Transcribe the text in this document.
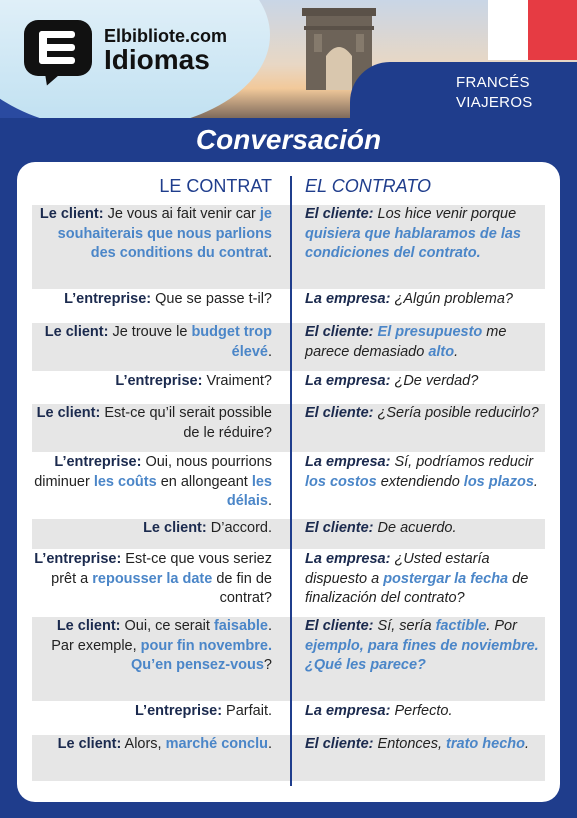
Elbibliote.com
Idiomas
FRANCÉS
VIAJEROS
Conversación
LE CONTRAT EL CONTRATO
Le client: Je vous ai fait venir car je souhaiterais que nous parlions des conditions du contrat.
El cliente: Los hice venir porque quisiera que hablaramos de las condiciones del contrato.
L’entreprise: Que se passe t-il? La empresa: ¿Algún problema?
Le client: Je trouve le budget trop élevé.
El cliente: El presupuesto me parece demasiado alto.
L’entreprise: Vraiment? La empresa: ¿De verdad?
Le client: Est-ce qu’il serait possible de le réduire?
El cliente: ¿Sería posible reducirlo?
L’entreprise: Oui, nous pourrions diminuer les coûts en allongeant les délais.
La empresa: Sí, podríamos reducir los costos extendiendo los plazos.
Le client: D’accord. El cliente: De acuerdo.
L’entreprise: Est-ce que vous seriez prêt a repousser la date de fin de contrat?
La empresa: ¿Usted estaría dispuesto a postergar la fecha de finalización del contrato?
Le client: Oui, ce serait faisable. Par exemple, pour fin novembre. Qu’en pensez-vous?
El cliente: Sí, sería factible. Por ejemplo, para fines de noviembre. ¿Qué les parece?
L’entreprise: Parfait. La empresa: Perfecto.
Le client: Alors, marché conclu. El cliente: Entonces, trato hecho.
